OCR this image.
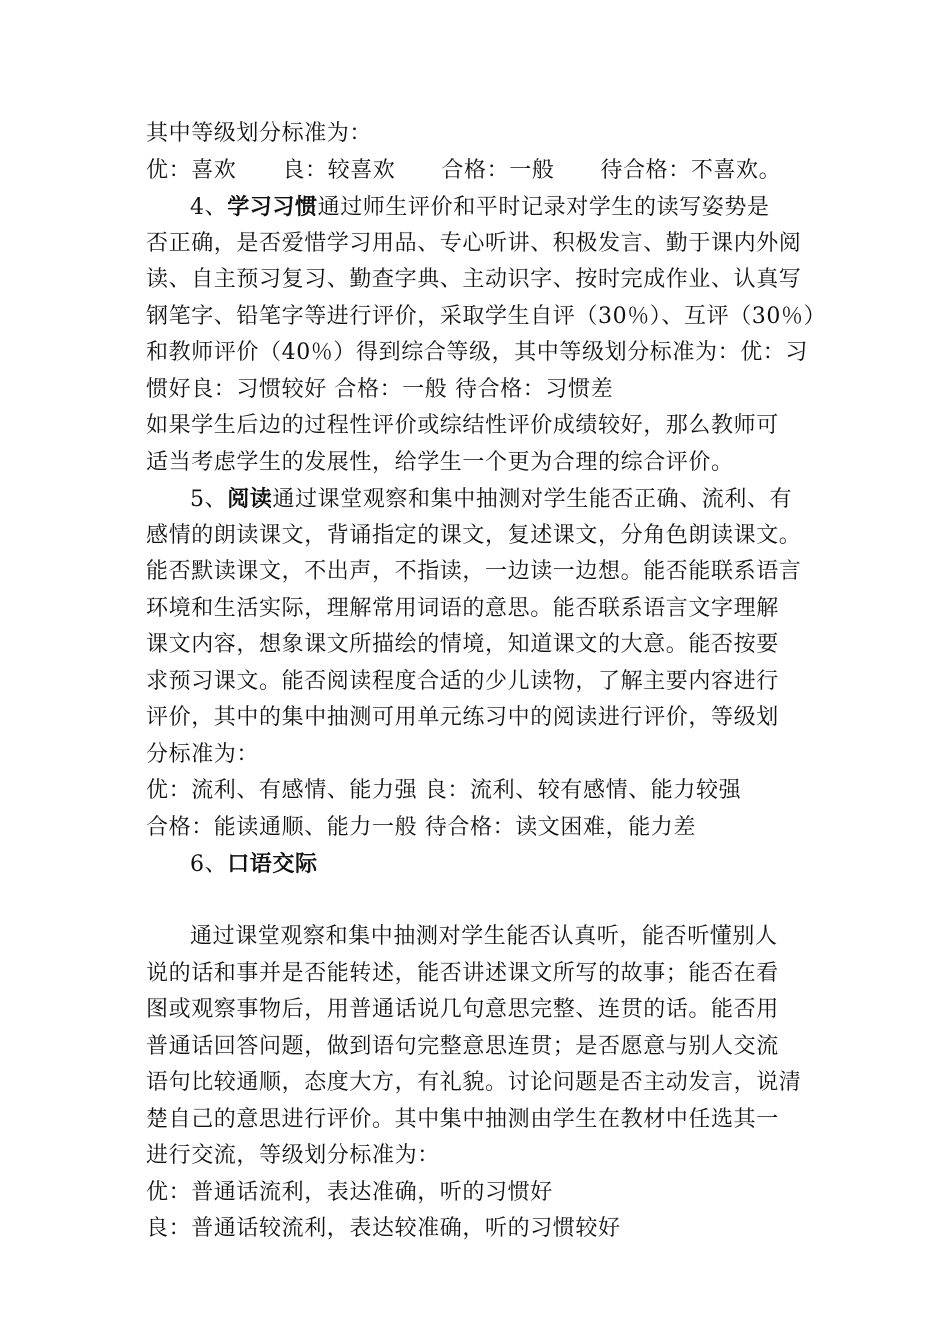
其中等级划分标准为：
优：喜欢 良：较喜欢 合格：一般 待合格：不喜欢。
4、学习习惯通过师生评价和平时记录对学生的读写姿势是
否正确，是否爱惜学习用品、专心听讲、积极发言、勤于课内外阅
读、自主预习复习、勤查字典、主动识字、按时完成作业、认真写
钢笔字、铅笔字等进行评价，采取学生自评（30％）、互评（30％）
和教师评价（40％）得到综合等级，其中等级划分标准为：优：习
惯好良：习惯较好 合格：一般 待合格：习惯差
如果学生后边的过程性评价或综结性评价成绩较好，那么教师可
适当考虑学生的发展性，给学生一个更为合理的综合评价。
5、阅读通过课堂观察和集中抽测对学生能否正确、流利、有
感情的朗读课文，背诵指定的课文，复述课文，分角色朗读课文。
能否默读课文，不出声，不指读，一边读一边想。能否能联系语言
环境和生活实际，理解常用词语的意思。能否联系语言文字理解
课文内容，想象课文所描绘的情境，知道课文的大意。能否按要
求预习课文。能否阅读程度合适的少儿读物，了解主要内容进行
评价，其中的集中抽测可用单元练习中的阅读进行评价，等级划
分标准为：
优：流利、有感情、能力强 良：流利、较有感情、能力较强
合格：能读通顺、能力一般 待合格：读文困难，能力差
6、口语交际
通过课堂观察和集中抽测对学生能否认真听，能否听懂别人
说的话和事并是否能转述，能否讲述课文所写的故事；能否在看
图或观察事物后，用普通话说几句意思完整、连贯的话。能否用
普通话回答问题，做到语句完整意思连贯；是否愿意与别人交流
语句比较通顺，态度大方，有礼貌。讨论问题是否主动发言，说清
楚自己的意思进行评价。其中集中抽测由学生在教材中任选其一
进行交流，等级划分标准为：
优：普通话流利，表达准确，听的习惯好
良：普通话较流利，表达较准确，听的习惯较好
